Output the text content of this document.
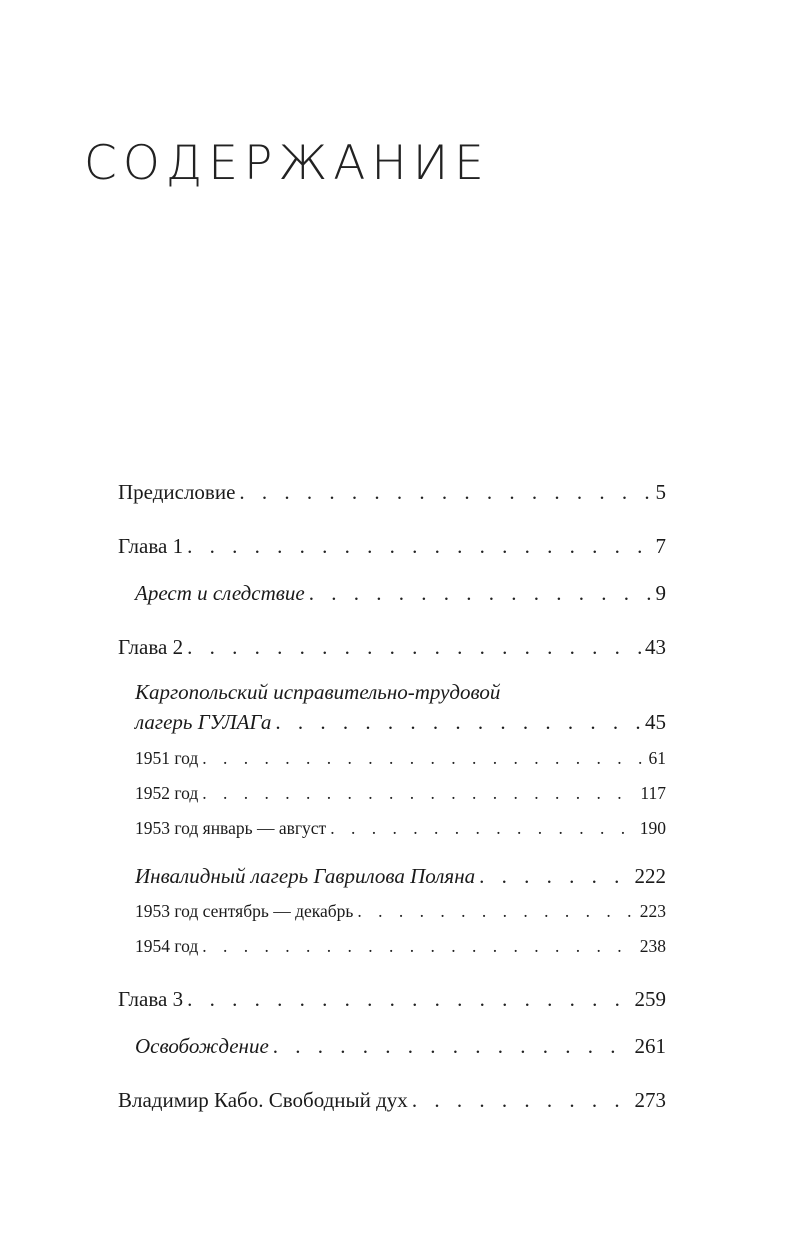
СОДЕРЖАНИЕ
Предисловие . . .	5
Глава 1 . . .	7
Арест и следствие . . .	9
Глава 2 . . .	43
Каргопольский исправительно-трудовой
лагерь ГУЛАГа . . .	45
1951 год . . .	61
1952 год . . .	117
1953 год январь — август . . .	190
Инвалидный лагерь Гаврилова Поляна . . .	222
1953 год сентябрь — декабрь . . .	223
1954 год . . .	238
Глава 3 . . .	259
Освобождение . . .	261
Владимир Кабо. Свободный дух . . .	273
